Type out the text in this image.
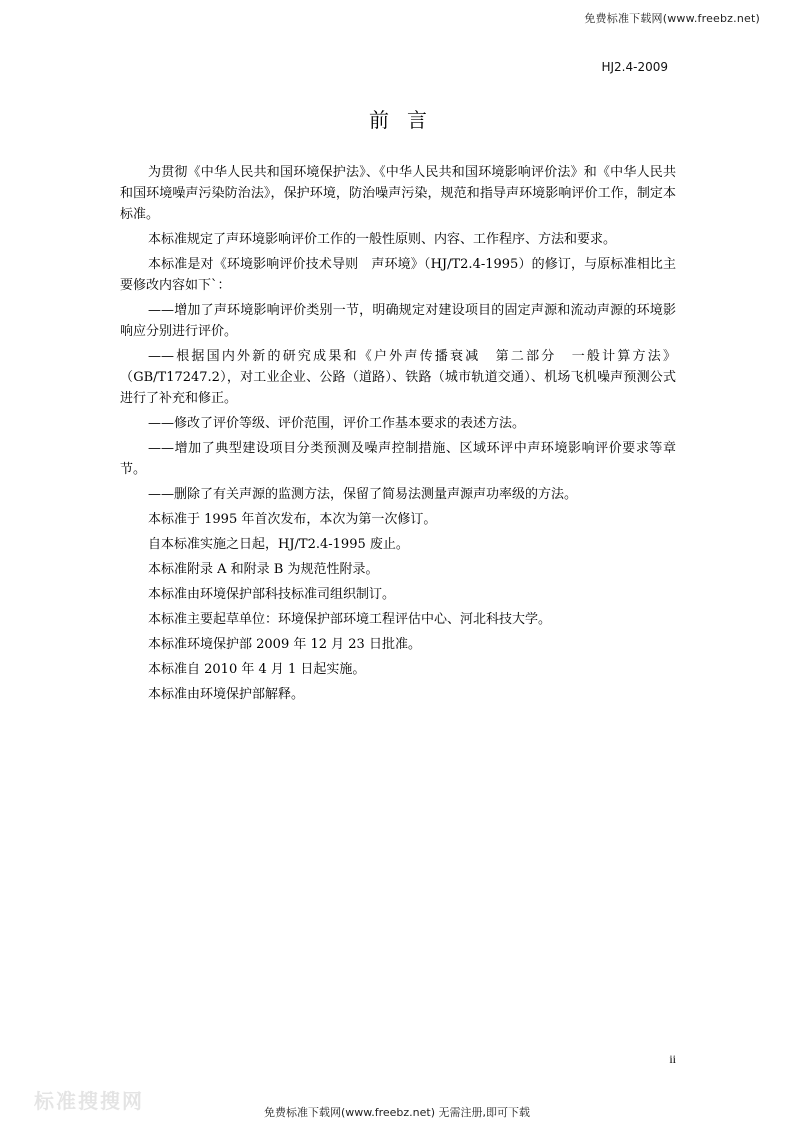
免费标准下载网(www.freebz.net)
HJ2.4-2009
前言

为贯彻《中华人民共和国环境保护法》、《中华人民共和国环境影响评价法》和《中华人民共和国环境噪声污染防治法》，保护环境，防治噪声污染，规范和指导声环境影响评价工作，制定本标准。

本标准规定了声环境影响评价工作的一般性原则、内容、工作程序、方法和要求。

本标准是对《环境影响评价技术导则　声环境》（HJ/T2.4-1995）的修订，与原标准相比主要修改内容如下`：

——增加了声环境影响评价类别一节，明确规定对建设项目的固定声源和流动声源的环境影响应分别进行评价。

——根据国内外新的研究成果和《户外声传播衰减　第二部分　一般计算方法》（GB/T17247.2），对工业企业、公路（道路）、铁路（城市轨道交通）、机场飞机噪声预测公式进行了补充和修正。

——修改了评价等级、评价范围，评价工作基本要求的表述方法。

——增加了典型建设项目分类预测及噪声控制措施、区域环评中声环境影响评价要求等章节。

——删除了有关声源的监测方法，保留了简易法测量声源声功率级的方法。

本标准于 1995 年首次发布，本次为第一次修订。

自本标准实施之日起，HJ/T2.4-1995 废止。

本标准附录 A 和附录 B 为规范性附录。

本标准由环境保护部科技标准司组织制订。

本标准主要起草单位：环境保护部环境工程评估中心、河北科技大学。

本标准环境保护部 2009 年 12 月 23 日批准。

本标准自 2010 年 4 月 1 日起实施。

本标准由环境保护部解释。

ii
标准搜搜网	免费标准下载网(www.freebz.net) 无需注册,即可下载
